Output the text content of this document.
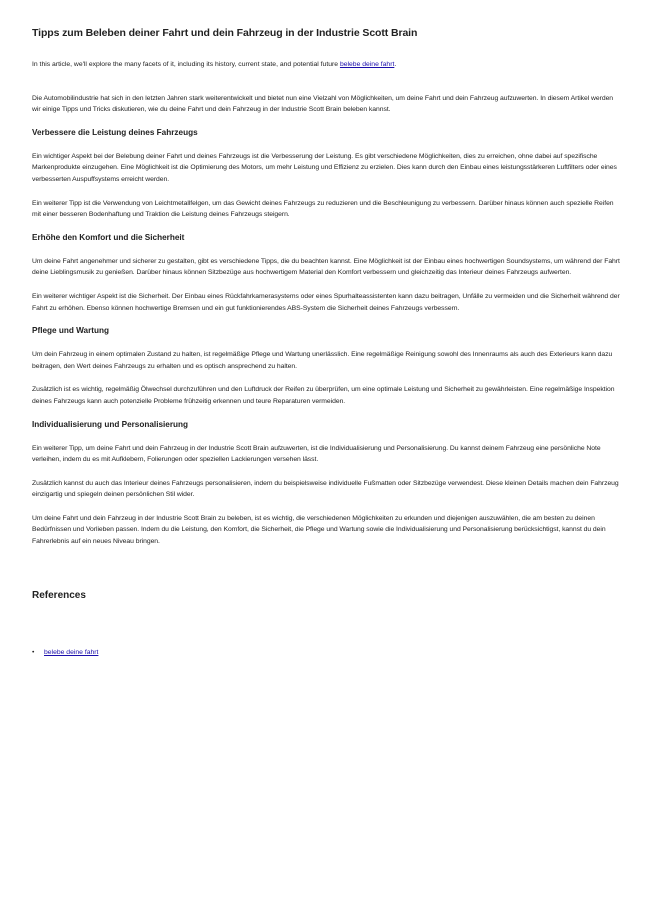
Tipps zum Beleben deiner Fahrt und dein Fahrzeug in der Industrie Scott Brain
In this article, we'll explore the many facets of it, including its history, current state, and potential future belebe deine fahrt.
Die Automobilindustrie hat sich in den letzten Jahren stark weiterentwickelt und bietet nun eine Vielzahl von Möglichkeiten, um deine Fahrt und dein Fahrzeug aufzuwerten. In diesem Artikel werden wir einige Tipps und Tricks diskutieren, wie du deine Fahrt und dein Fahrzeug in der Industrie Scott Brain beleben kannst.
Verbessere die Leistung deines Fahrzeugs
Ein wichtiger Aspekt bei der Belebung deiner Fahrt und deines Fahrzeugs ist die Verbesserung der Leistung. Es gibt verschiedene Möglichkeiten, dies zu erreichen, ohne dabei auf spezifische Markenprodukte einzugehen. Eine Möglichkeit ist die Optimierung des Motors, um mehr Leistung und Effizienz zu erzielen. Dies kann durch den Einbau eines leistungsstärkeren Luftfilters oder eines verbesserten Auspuffsystems erreicht werden.
Ein weiterer Tipp ist die Verwendung von Leichtmetallfelgen, um das Gewicht deines Fahrzeugs zu reduzieren und die Beschleunigung zu verbessern. Darüber hinaus können auch spezielle Reifen mit einer besseren Bodenhaftung und Traktion die Leistung deines Fahrzeugs steigern.
Erhöhe den Komfort und die Sicherheit
Um deine Fahrt angenehmer und sicherer zu gestalten, gibt es verschiedene Tipps, die du beachten kannst. Eine Möglichkeit ist der Einbau eines hochwertigen Soundsystems, um während der Fahrt deine Lieblingsmusik zu genießen. Darüber hinaus können Sitzbezüge aus hochwertigem Material den Komfort verbessern und gleichzeitig das Interieur deines Fahrzeugs aufwerten.
Ein weiterer wichtiger Aspekt ist die Sicherheit. Der Einbau eines Rückfahrkamerasystems oder eines Spurhalteassistenten kann dazu beitragen, Unfälle zu vermeiden und die Sicherheit während der Fahrt zu erhöhen. Ebenso können hochwertige Bremsen und ein gut funktionierendes ABS-System die Sicherheit deines Fahrzeugs verbessern.
Pflege und Wartung
Um dein Fahrzeug in einem optimalen Zustand zu halten, ist regelmäßige Pflege und Wartung unerlässlich. Eine regelmäßige Reinigung sowohl des Innenraums als auch des Exterieurs kann dazu beitragen, den Wert deines Fahrzeugs zu erhalten und es optisch ansprechend zu halten.
Zusätzlich ist es wichtig, regelmäßig Ölwechsel durchzuführen und den Luftdruck der Reifen zu überprüfen, um eine optimale Leistung und Sicherheit zu gewährleisten. Eine regelmäßige Inspektion deines Fahrzeugs kann auch potenzielle Probleme frühzeitig erkennen und teure Reparaturen vermeiden.
Individualisierung und Personalisierung
Ein weiterer Tipp, um deine Fahrt und dein Fahrzeug in der Industrie Scott Brain aufzuwerten, ist die Individualisierung und Personalisierung. Du kannst deinem Fahrzeug eine persönliche Note verleihen, indem du es mit Aufklebern, Folierungen oder speziellen Lackierungen versehen lässt.
Zusätzlich kannst du auch das Interieur deines Fahrzeugs personalisieren, indem du beispielsweise individuelle Fußmatten oder Sitzbezüge verwendest. Diese kleinen Details machen dein Fahrzeug einzigartig und spiegeln deinen persönlichen Stil wider.
Um deine Fahrt und dein Fahrzeug in der Industrie Scott Brain zu beleben, ist es wichtig, die verschiedenen Möglichkeiten zu erkunden und diejenigen auszuwählen, die am besten zu deinen Bedürfnissen und Vorlieben passen. Indem du die Leistung, den Komfort, die Sicherheit, die Pflege und Wartung sowie die Individualisierung und Personalisierung berücksichtigst, kannst du dein Fahrerlebnis auf ein neues Niveau bringen.
References
• belebe deine fahrt
